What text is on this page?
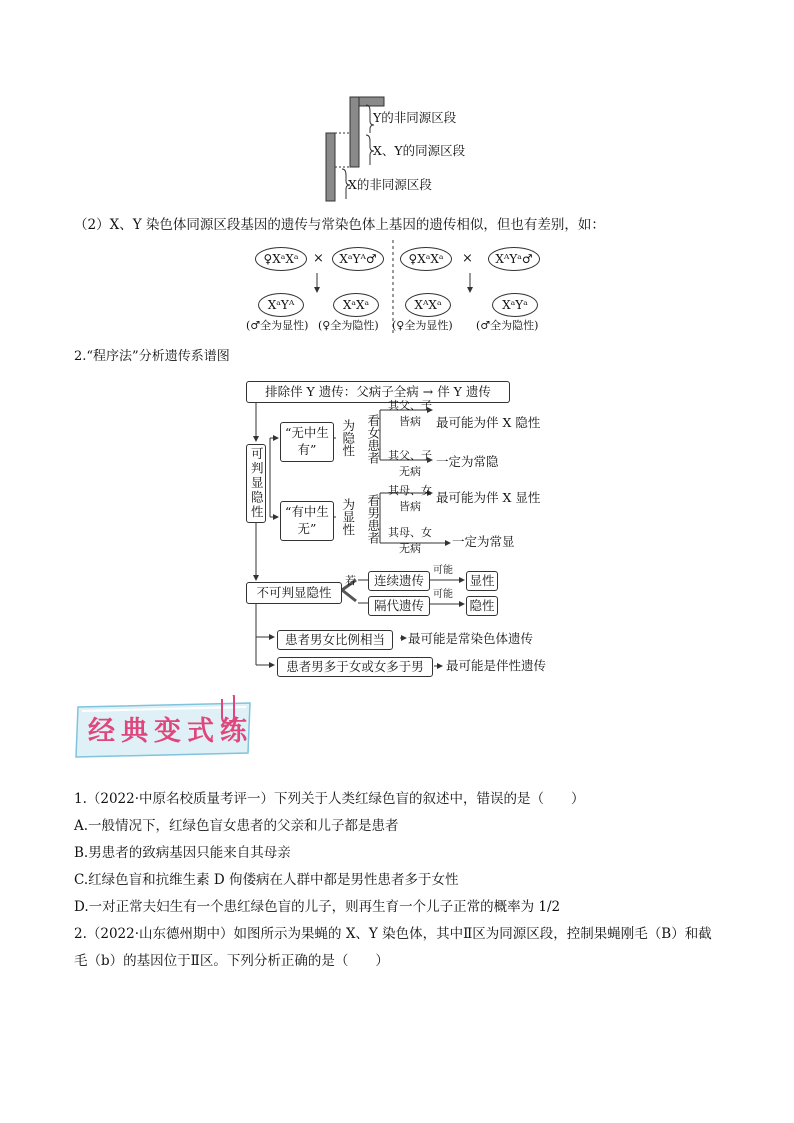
Y的非同源区段
X、Y的同源区段
X的非同源区段
（2）X、Y 染色体同源区段基因的遗传与常染色体上基因的遗传相似，但也有差别，如：
♀XᵃXᵃ	×	XᵃYᴬ♂
XᵃYᴬ	XᵃXᵃ
(♂全为显性) (♀全为隐性)
♀XᵃXᵃ	×	XᴬYᵃ♂
XᴬXᵃ	XᵃYᵃ
(♀全为显性) (♂全为隐性)
2.“程序法”分析遗传系谱图
排除伴 Y 遗传：父病子全病 → 伴 Y 遗传
可判显隐性
“无中生有”
“有中生无”
为隐性
为显性
看女患者
看男患者
其父、子皆病	最可能为伴 X 隐性
其父、子无病
一定为常隐
其母、女皆病
最可能为伴 X 显性
其母、女无病	一定为常显
不可判显隐性
若	连续遗传
隔代遗传
可能
可能
显性
隐性
患者男女比例相当	最可能是常染色体遗传
患者男多于女或女多于男	最可能是伴性遗传
经典变式练
1.（2022·中原名校质量考评一）下列关于人类红绿色盲的叙述中，错误的是（　　）
A.一般情况下，红绿色盲女患者的父亲和儿子都是患者
B.男患者的致病基因只能来自其母亲
C.红绿色盲和抗维生素 D 佝偻病在人群中都是男性患者多于女性
D.一对正常夫妇生有一个患红绿色盲的儿子，则再生育一个儿子正常的概率为 1/2
2.（2022·山东德州期中）如图所示为果蝇的 X、Y 染色体，其中Ⅱ区为同源区段，控制果蝇刚毛（B）和截
毛（b）的基因位于Ⅱ区。下列分析正确的是（　　）
